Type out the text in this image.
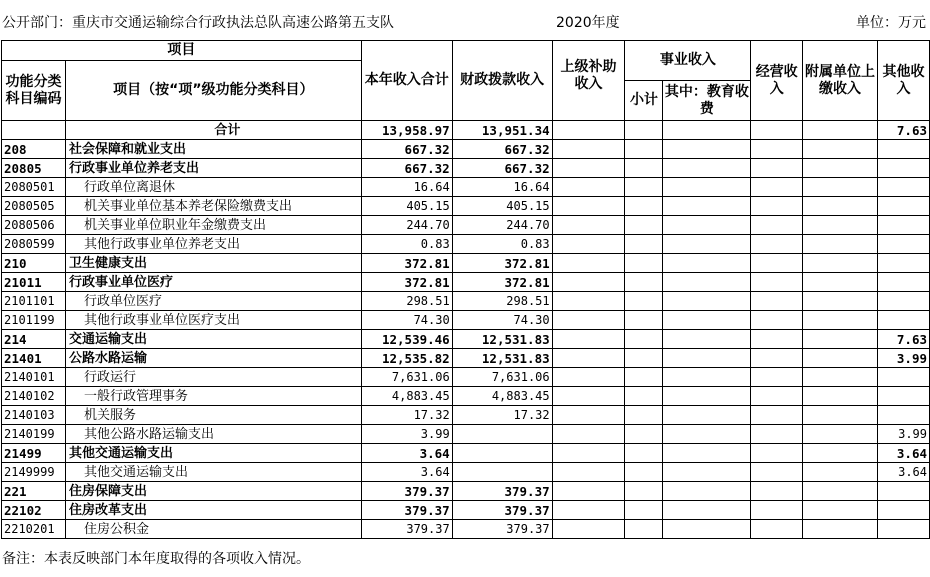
公开部门：重庆市交通运输综合行政执法总队高速公路第五支队	2020年度	单位：万元
项目		本年收入合计	财政拨款收入	上级补助收入	事业收入		经营收入	附属单位上缴收入	其他收入
功能分类科目编码	项目（按“项”级功能分类科目）								
					小计	其中：教育收费			

	合计	13,958.97	13,951.34						7.63
208	社会保障和就业支出	667.32	667.32						
20805	行政事业单位养老支出	667.32	667.32						
2080501	行政单位离退休	16.64	16.64						
2080505	机关事业单位基本养老保险缴费支出	405.15	405.15						
2080506	机关事业单位职业年金缴费支出	244.70	244.70						
2080599	其他行政事业单位养老支出	0.83	0.83						
210	卫生健康支出	372.81	372.81						
21011	行政事业单位医疗	372.81	372.81						
2101101	行政单位医疗	298.51	298.51						
2101199	其他行政事业单位医疗支出	74.30	74.30						
214	交通运输支出	12,539.46	12,531.83						7.63
21401	公路水路运输	12,535.82	12,531.83						3.99
2140101	行政运行	7,631.06	7,631.06						
2140102	一般行政管理事务	4,883.45	4,883.45						
2140103	机关服务	17.32	17.32						
2140199	其他公路水路运输支出	3.99							3.99
21499	其他交通运输支出	3.64							3.64
2149999	其他交通运输支出	3.64							3.64
221	住房保障支出	379.37	379.37						
22102	住房改革支出	379.37	379.37						
2210201	住房公积金	379.37	379.37						
备注：本表反映部门本年度取得的各项收入情况。
